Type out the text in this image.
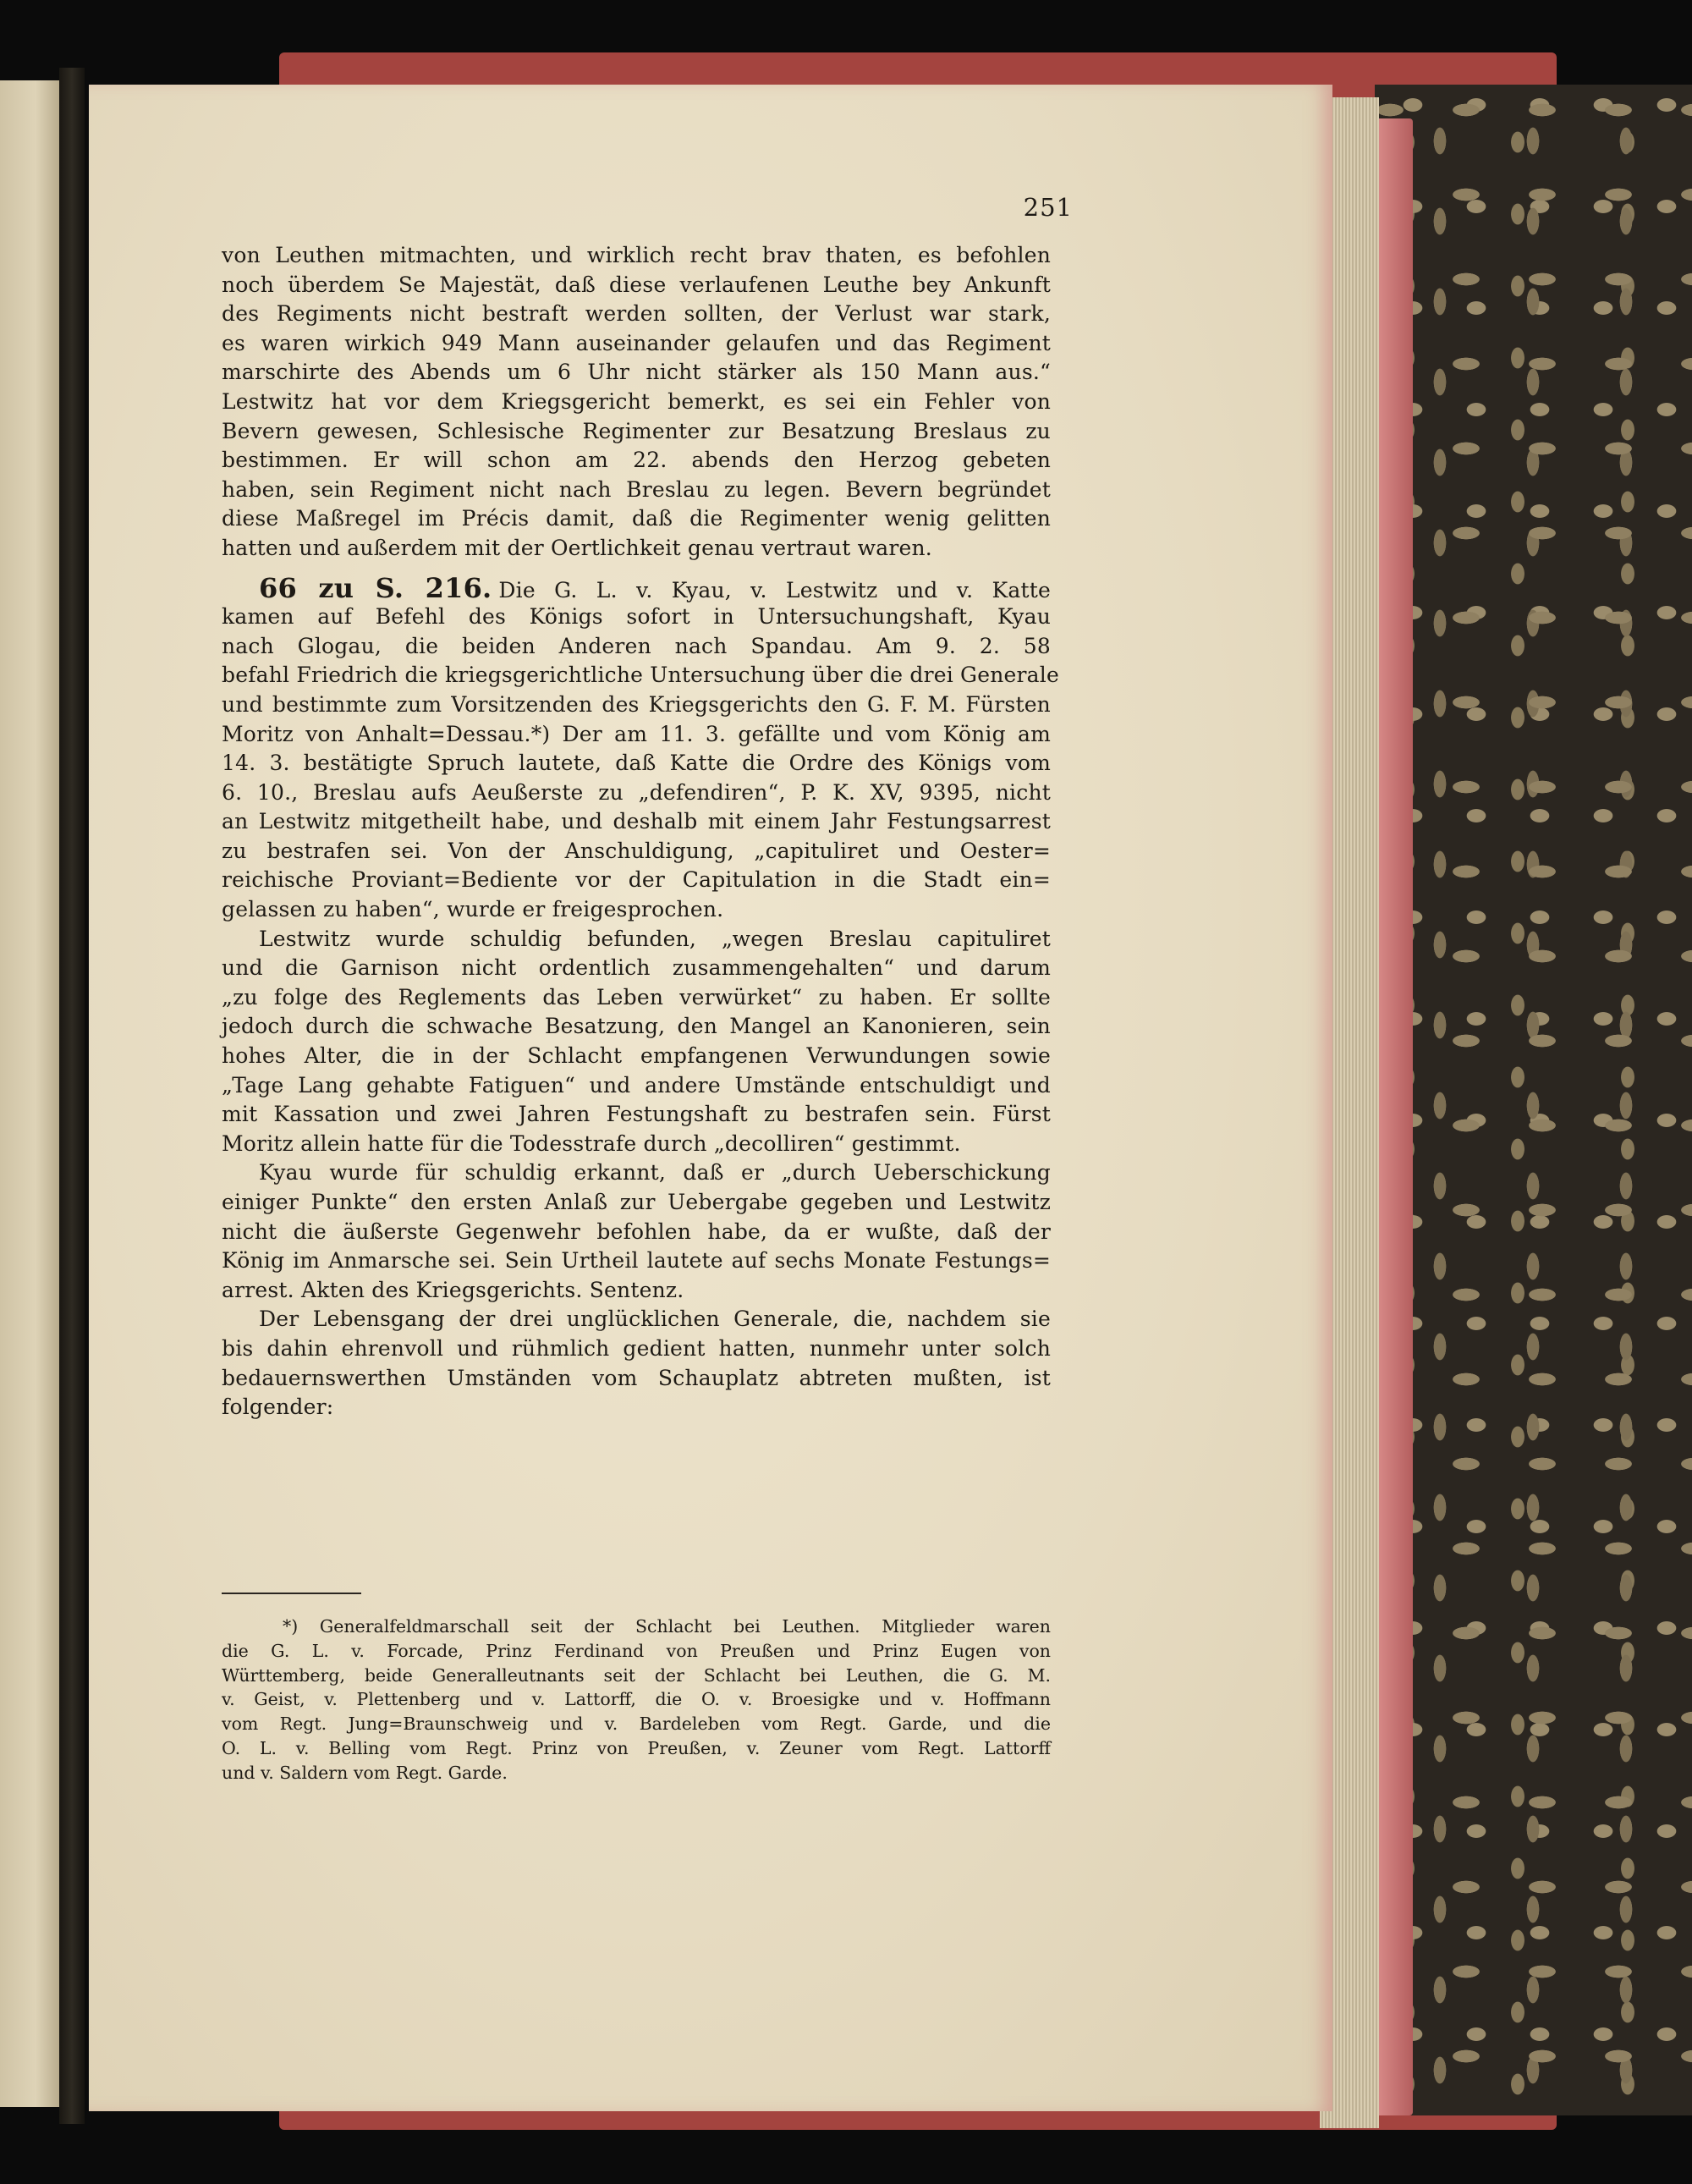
251
von Leuthen mitmachten, und wirklich recht brav thaten, es befohlen
noch überdem Se Majestät, daß diese verlaufenen Leuthe bey Ankunft
des Regiments nicht bestraft werden sollten, der Verlust war stark,
es waren wirkich 949 Mann auseinander gelaufen und das Regiment
marschirte des Abends um 6 Uhr nicht stärker als 150 Mann aus.“
Lestwitz hat vor dem Kriegsgericht bemerkt, es sei ein Fehler von
Bevern gewesen, Schlesische Regimenter zur Besatzung Breslaus zu
bestimmen. Er will schon am 22. abends den Herzog gebeten
haben, sein Regiment nicht nach Breslau zu legen. Bevern begründet
diese Maßregel im Précis damit, daß die Regimenter wenig gelitten
hatten und außerdem mit der Oertlichkeit genau vertraut waren.
66 zu S. 216. Die G. L. v. Kyau, v. Lestwitz und v. Katte
kamen auf Befehl des Königs sofort in Untersuchungshaft, Kyau
nach Glogau, die beiden Anderen nach Spandau. Am 9. 2. 58
befahl Friedrich die kriegsgerichtliche Untersuchung über die drei Generale
und bestimmte zum Vorsitzenden des Kriegsgerichts den G. F. M. Fürsten
Moritz von Anhalt=Dessau.*) Der am 11. 3. gefällte und vom König am
14. 3. bestätigte Spruch lautete, daß Katte die Ordre des Königs vom
6. 10., Breslau aufs Aeußerste zu „defendiren“, P. K. XV, 9395, nicht
an Lestwitz mitgetheilt habe, und deshalb mit einem Jahr Festungsarrest
zu bestrafen sei. Von der Anschuldigung, „capituliret und Oester=
reichische Proviant=Bediente vor der Capitulation in die Stadt ein=
gelassen zu haben“, wurde er freigesprochen.
Lestwitz wurde schuldig befunden, „wegen Breslau capituliret
und die Garnison nicht ordentlich zusammengehalten“ und darum
„zu folge des Reglements das Leben verwürket“ zu haben. Er sollte
jedoch durch die schwache Besatzung, den Mangel an Kanonieren, sein
hohes Alter, die in der Schlacht empfangenen Verwundungen sowie
„Tage Lang gehabte Fatiguen“ und andere Umstände entschuldigt und
mit Kassation und zwei Jahren Festungshaft zu bestrafen sein. Fürst
Moritz allein hatte für die Todesstrafe durch „decolliren“ gestimmt.
Kyau wurde für schuldig erkannt, daß er „durch Ueberschickung
einiger Punkte“ den ersten Anlaß zur Uebergabe gegeben und Lestwitz
nicht die äußerste Gegenwehr befohlen habe, da er wußte, daß der
König im Anmarsche sei. Sein Urtheil lautete auf sechs Monate Festungs=
arrest. Akten des Kriegsgerichts. Sentenz.
Der Lebensgang der drei unglücklichen Generale, die, nachdem sie
bis dahin ehrenvoll und rühmlich gedient hatten, nunmehr unter solch
bedauernswerthen Umständen vom Schauplatz abtreten mußten, ist
folgender:
*) Generalfeldmarschall seit der Schlacht bei Leuthen. Mitglieder waren
die G. L. v. Forcade, Prinz Ferdinand von Preußen und Prinz Eugen von
Württemberg, beide Generalleutnants seit der Schlacht bei Leuthen, die G. M.
v. Geist, v. Plettenberg und v. Lattorff, die O. v. Broesigke und v. Hoffmann
vom Regt. Jung=Braunschweig und v. Bardeleben vom Regt. Garde, und die
O. L. v. Belling vom Regt. Prinz von Preußen, v. Zeuner vom Regt. Lattorff
und v. Saldern vom Regt. Garde.
